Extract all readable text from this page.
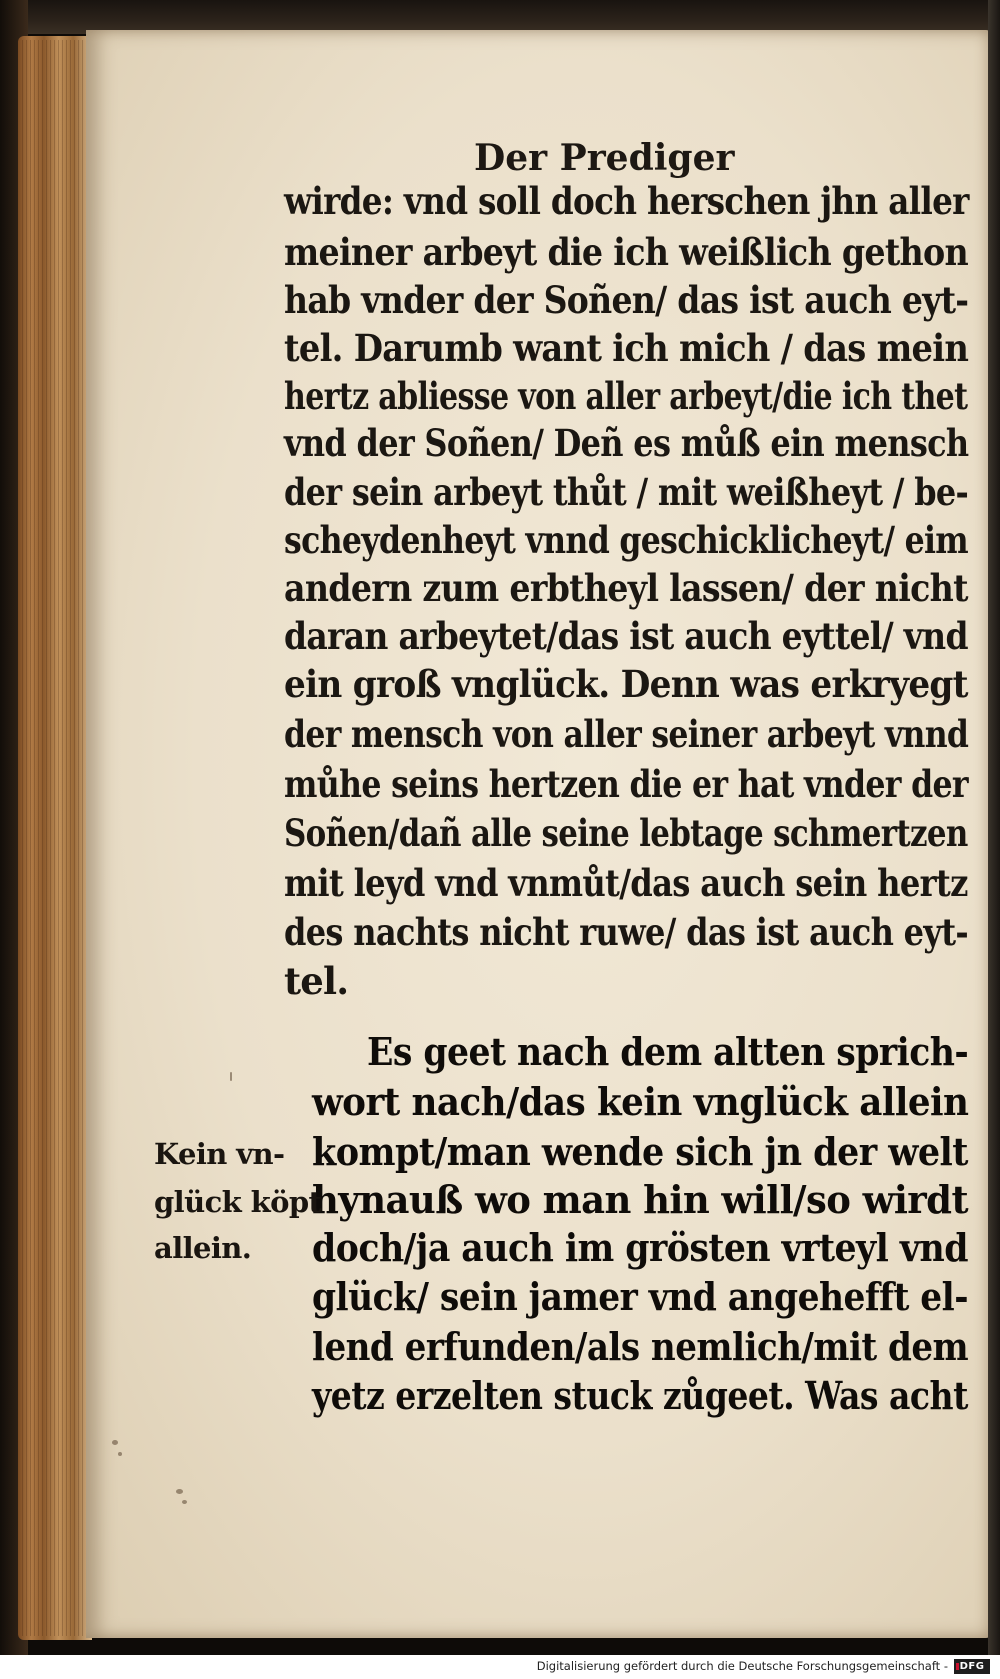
Der Prediger
wirde: vnd soll doch herschen jhn aller
meiner arbeyt die ich weißlich gethon
hab vnder der Soñen/ das ist auch eyt-
tel. Darumb want ich mich / das mein
hertz abliesse von aller arbeyt/die ich thet
vnd der Soñen/ Deñ es můß ein mensch
der sein arbeyt thůt / mit weißheyt / be-
scheydenheyt vnnd geschicklicheyt/ eim
andern zum erbtheyl lassen/ der nicht
daran arbeytet/das ist auch eyttel/ vnd
ein groß vnglück. Denn was erkryegt
der mensch von aller seiner arbeyt vnnd
můhe seins hertzen die er hat vnder der
Soñen/dañ alle seine lebtage schmertzen
mit leyd vnd vnmůt/das auch sein hertz
des nachts nicht ruwe/ das ist auch eyt-
tel.
Es geet nach dem altten sprich-
wort nach/das kein vnglück allein
kompt/man wende sich jn der welt
hynauß wo man hin will/so wirdt
doch/ja auch im grösten vrteyl vnd
glück/ sein jamer vnd angehefft el-
lend erfunden/als nemlich/mit dem
yetz erzelten stuck zůgeet. Was acht
Kein vn-
glück köpt
allein.
Digitalisierung gefördert durch die Deutsche Forschungsgemeinschaft -	DFG
